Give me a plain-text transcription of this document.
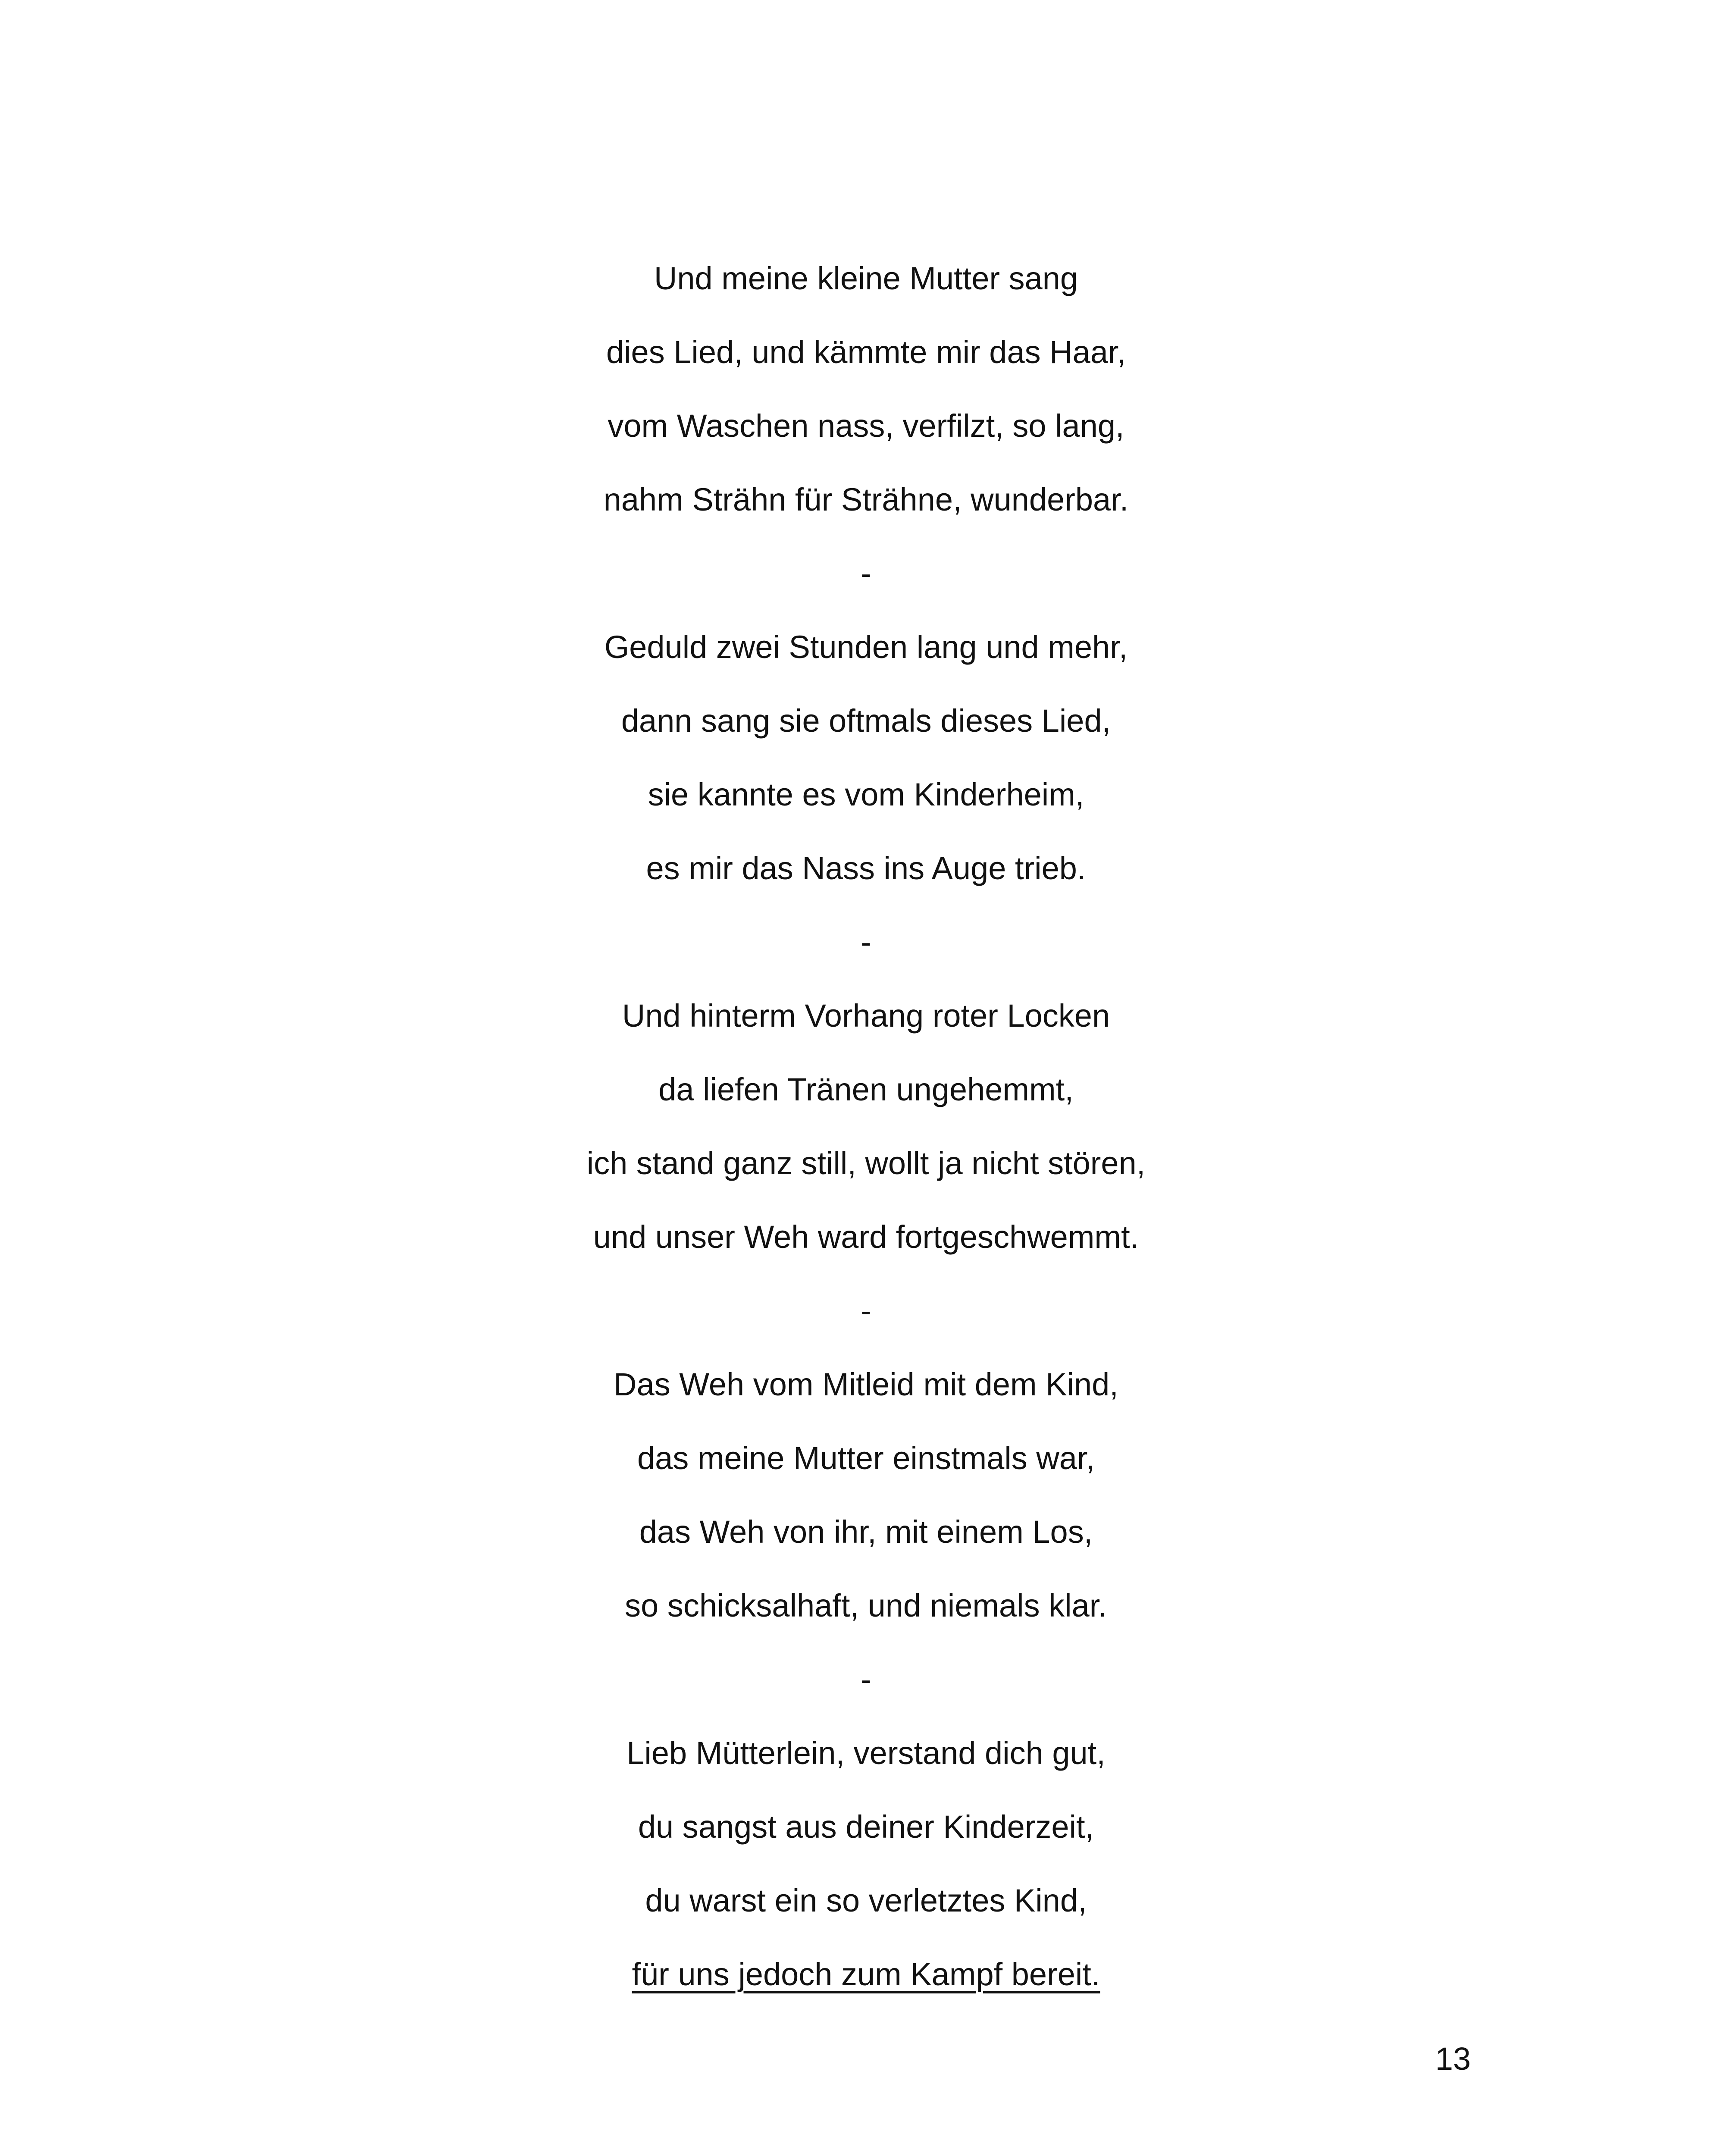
Und meine kleine Mutter sang
dies Lied, und kämmte mir das Haar,
vom Waschen nass, verfilzt, so lang,
nahm Strähn für Strähne, wunderbar.
-
Geduld zwei Stunden lang und mehr,
dann sang sie oftmals dieses Lied,
sie kannte es vom Kinderheim,
es mir das Nass ins Auge trieb.
-
Und hinterm Vorhang roter Locken
da liefen Tränen ungehemmt,
ich stand ganz still, wollt ja nicht stören,
und unser Weh ward fortgeschwemmt.
-
Das Weh vom Mitleid mit dem Kind,
das meine Mutter einstmals war,
das Weh von ihr, mit einem Los,
so schicksalhaft, und niemals klar.
-
Lieb Mütterlein, verstand dich gut,
du sangst aus deiner Kinderzeit,
du warst ein so verletztes Kind,
für uns jedoch zum Kampf bereit.
13
